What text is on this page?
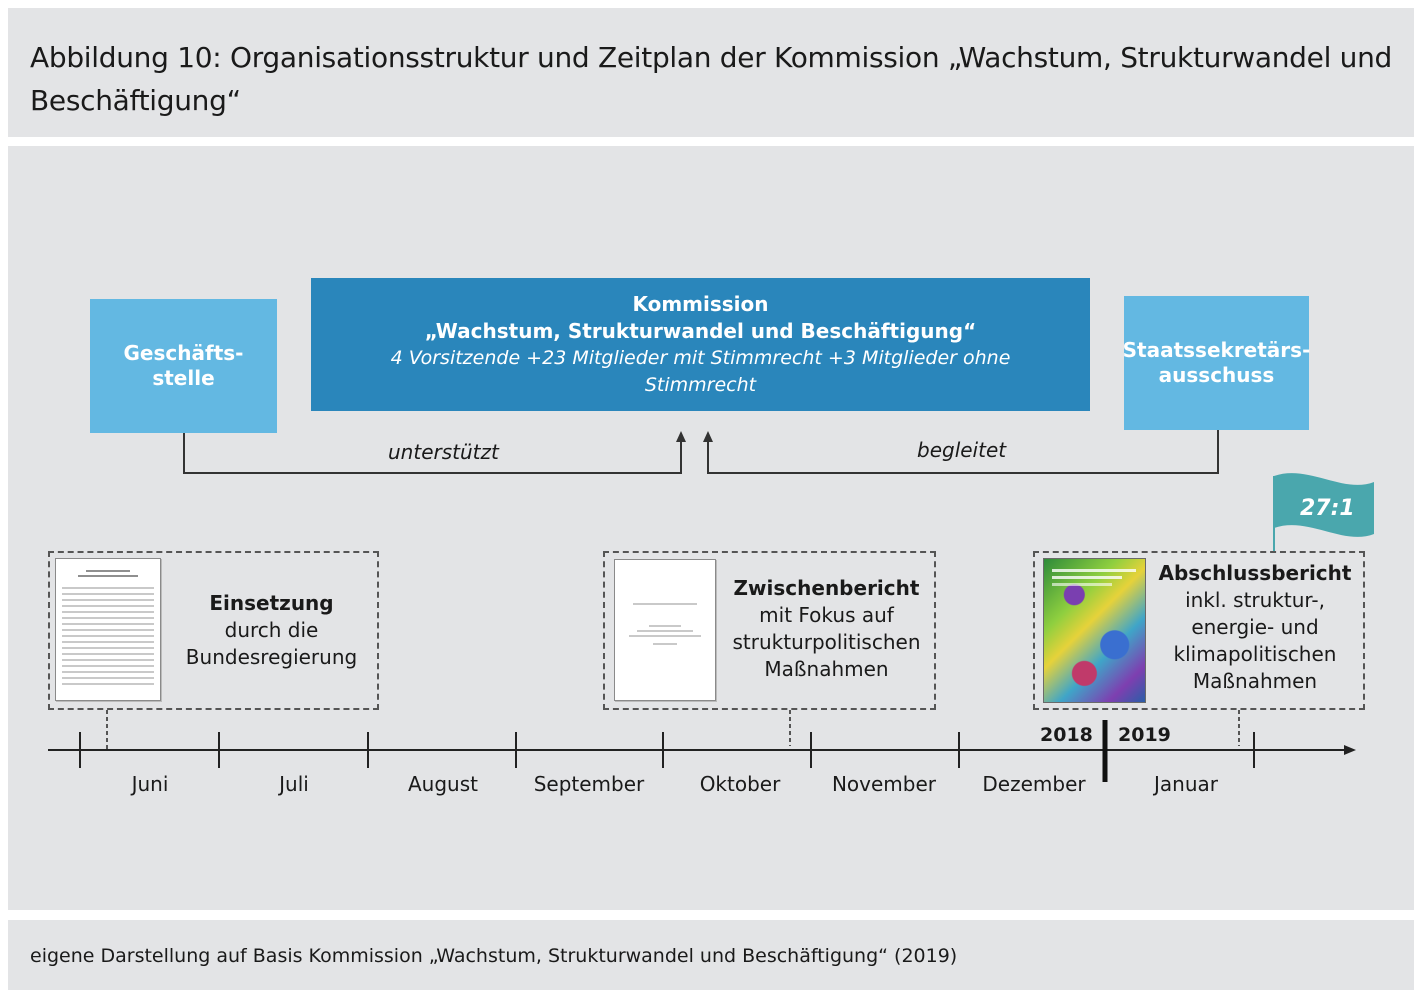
Abbildung 10: Organisationsstruktur und Zeitplan der Kommission „Wachstum, Strukturwandel und Beschäftigung“
Geschäfts-
stelle
Kommission
„Wachstum, Strukturwandel und Beschäftigung“
4 Vorsitzende +23 Mitglieder mit Stimmrecht +3 Mitglieder ohne Stimmrecht
Staatssekretärs-
ausschuss
unterstützt	begleitet
Einsetzung
durch die
Bundesregierung
Zwischenbericht
mit Fokus auf
strukturpolitischen
Maßnahmen
Abschlussbericht
inkl. struktur-,
energie- und
klimapolitischen
Maßnahmen
27:1
2018 2019
Juni	Juli	August	September	Oktober	November	Dezember	Januar
eigene Darstellung auf Basis Kommission „Wachstum, Strukturwandel und Beschäftigung“ (2019)
